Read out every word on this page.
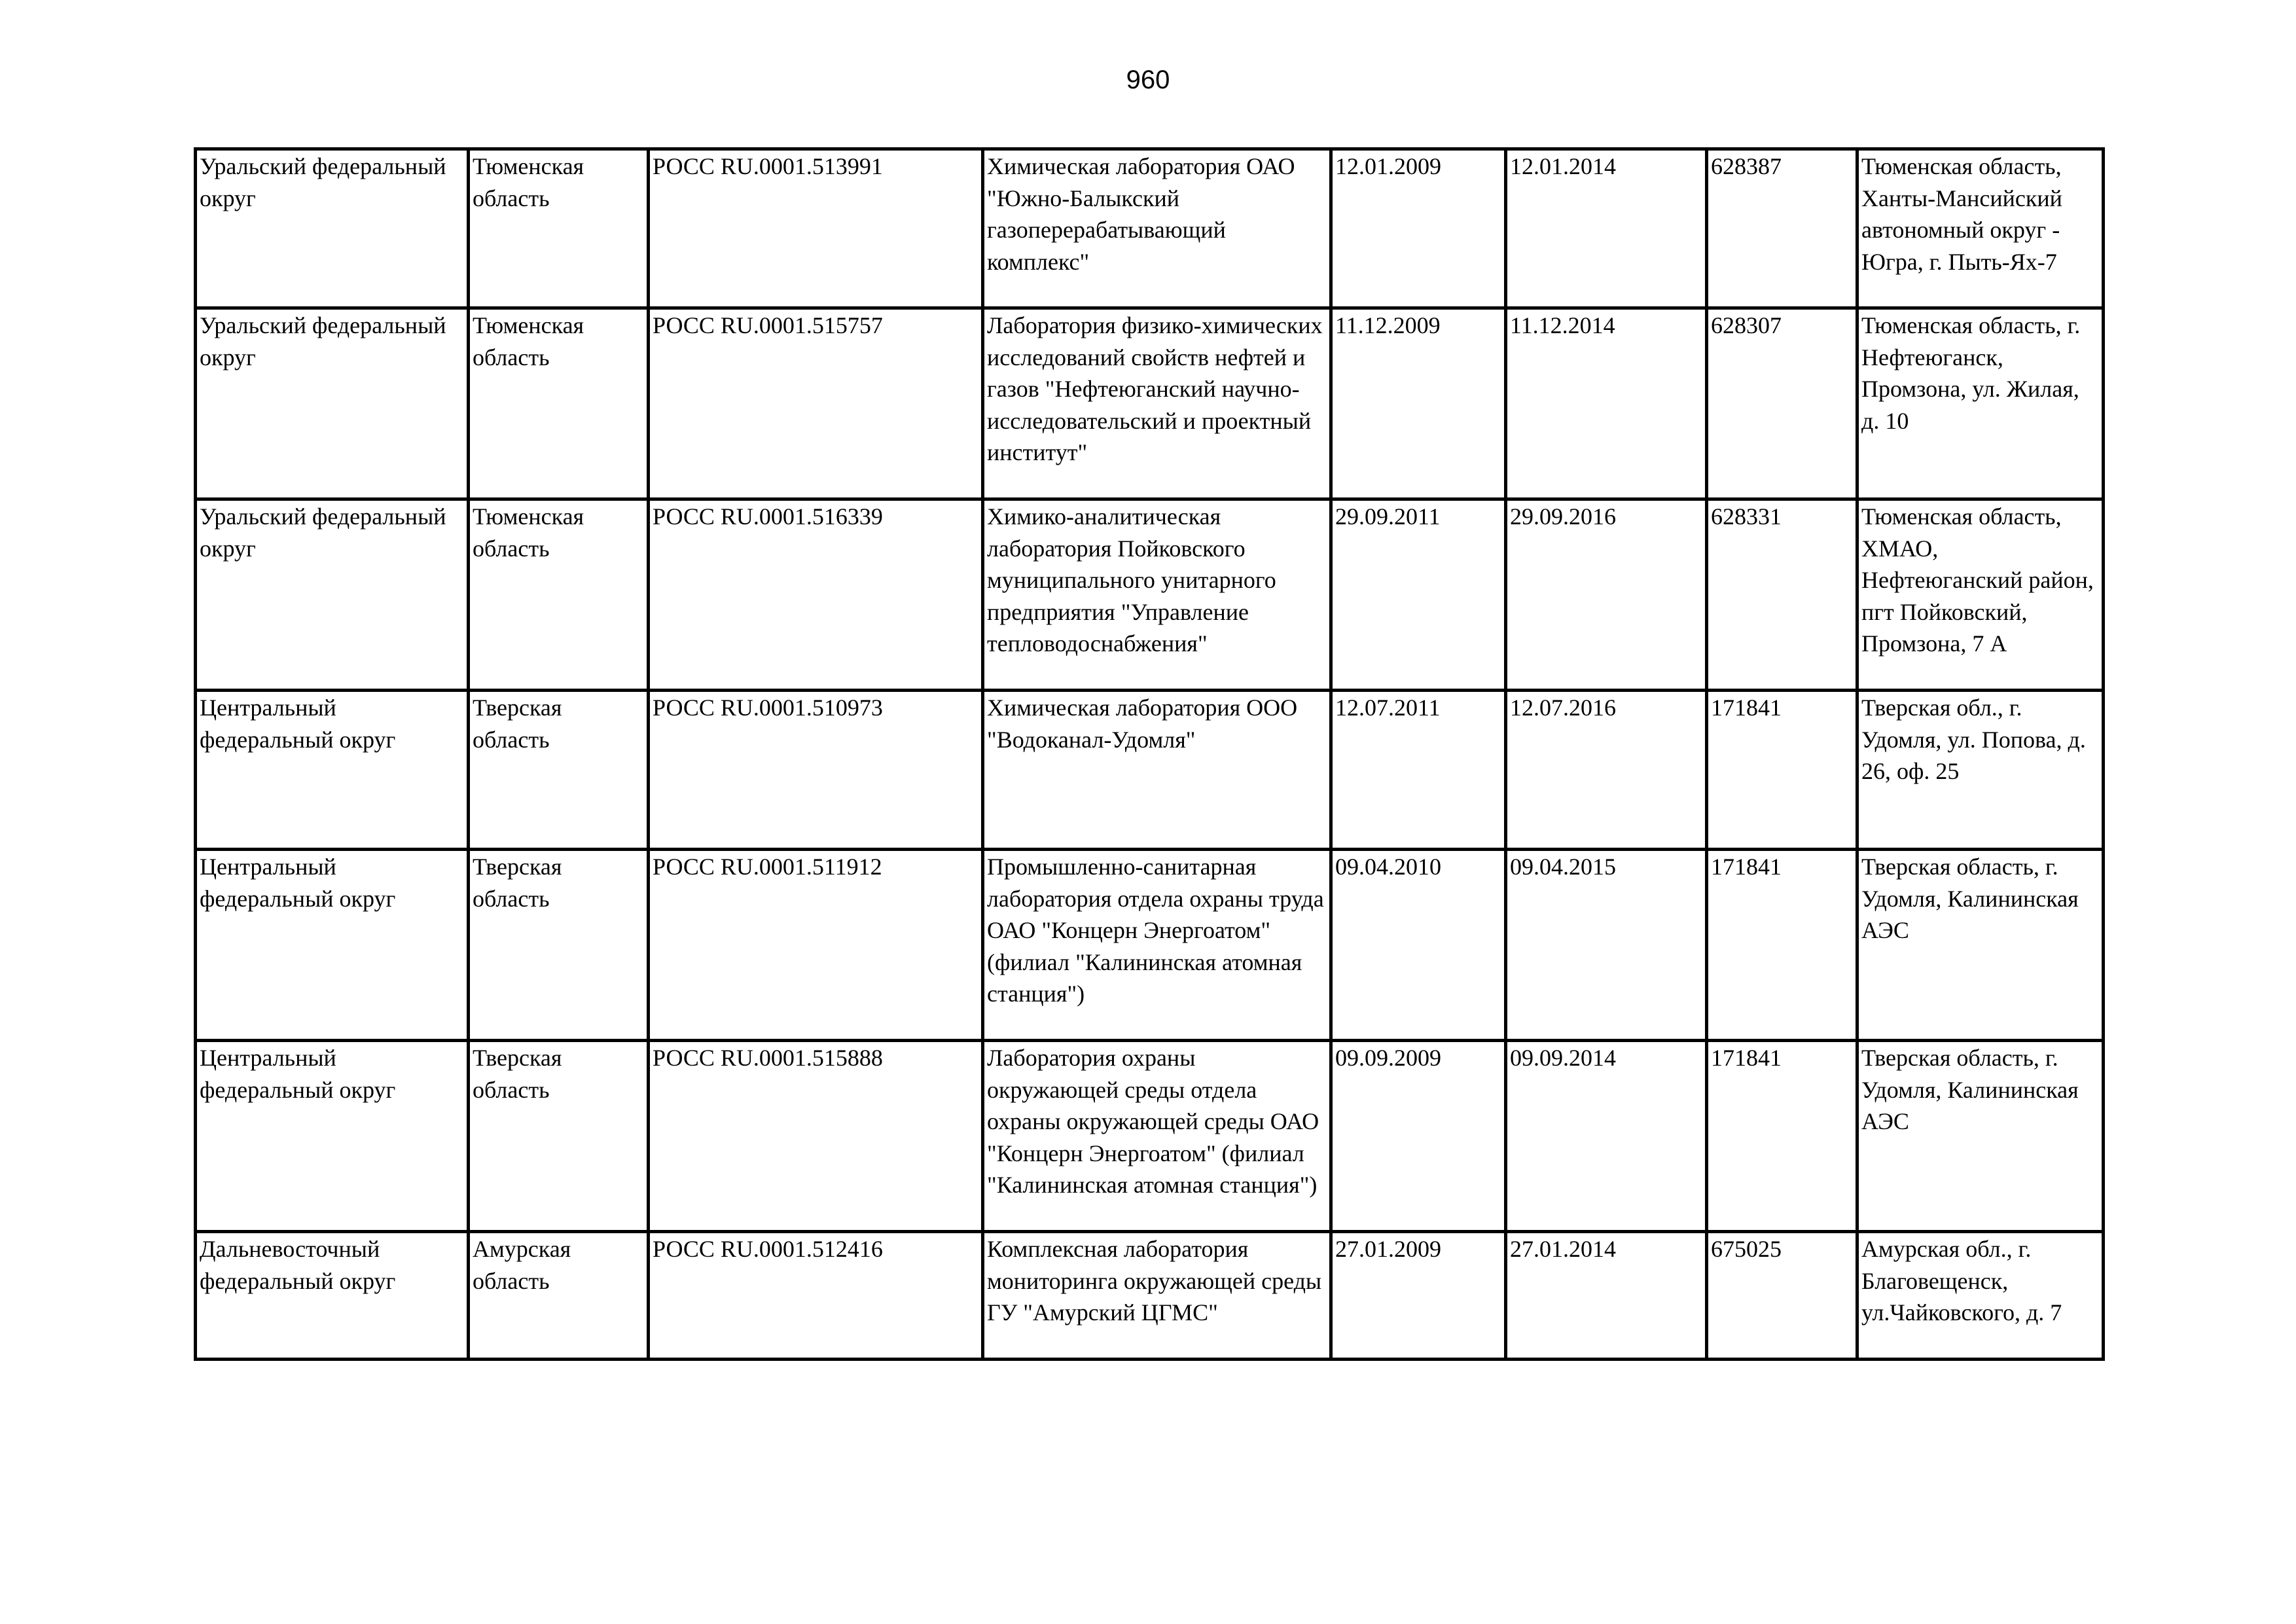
960
Уральский федеральный округ	Тюменская область	РОСС RU.0001.513991	Химическая лаборатория ОАО "Южно-Балыкский газоперерабатывающий комплекс"	12.01.2009	12.01.2014	628387	Тюменская область, Ханты-Мансийский автономный округ - Югра, г. Пыть-Ях-7
Уральский федеральный округ	Тюменская область	РОСС RU.0001.515757	Лаборатория физико-химических исследований свойств нефтей и газов "Нефтеюганский научно-исследовательский и проектный институт"	11.12.2009	11.12.2014	628307	Тюменская область, г. Нефтеюганск, Промзона, ул. Жилая, д. 10
Уральский федеральный округ	Тюменская область	РОСС RU.0001.516339	Химико-аналитическая лаборатория Пойковского муниципального унитарного предприятия "Управление тепловодоснабжения"	29.09.2011	29.09.2016	628331	Тюменская область, ХМАО, Нефтеюганский район, пгт Пойковский, Промзона, 7 А
Центральный федеральный округ	Тверская область	РОСС RU.0001.510973	Химическая лаборатория ООО "Водоканал-Удомля"	12.07.2011	12.07.2016	171841	Тверская обл., г. Удомля, ул. Попова, д. 26, оф. 25
Центральный федеральный округ	Тверская область	РОСС RU.0001.511912	Промышленно-санитарная лаборатория отдела охраны труда ОАО "Концерн Энергоатом" (филиал "Калининская атомная станция")	09.04.2010	09.04.2015	171841	Тверская область, г. Удомля, Калининская АЭС
Центральный федеральный округ	Тверская область	РОСС RU.0001.515888	Лаборатория охраны окружающей среды отдела охраны окружающей среды ОАО "Концерн Энергоатом" (филиал "Калининская атомная станция")	09.09.2009	09.09.2014	171841	Тверская область, г. Удомля, Калининская АЭС
Дальневосточный федеральный округ	Амурская область	РОСС RU.0001.512416	Комплексная лаборатория мониторинга окружающей среды ГУ "Амурский ЦГМС"	27.01.2009	27.01.2014	675025	Амурская обл., г. Благовещенск, ул.Чайковского, д. 7
